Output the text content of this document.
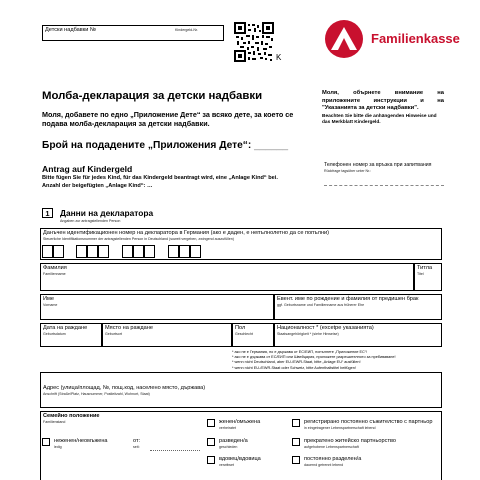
Детски надбавки №	Kindergeld-Nr.
K
Familienkasse
Молба-декларация за детски надбавки
Моля, добавете по едно „Приложение Дете“ за всяко дете, за което се подава молба-декларация за детски надбавки.
Брой на подадените „Приложения Дете“: ______
Antrag auf Kindergeld
Bitte fügen Sie für jedes Kind, für das Kindergeld beantragt wird, eine „Anlage Kind“ bei.
Anzahl der beigefügten „Anlage Kind“: …
Моля, обърнете внимание на приложените инструкции и на "Указанията за детски надбавки".
Beachten Sie bitte die anhängenden Hinweise und das Merkblatt Kindergeld.
Телефонен номер за връзка при запитвания
Rückfrage tagsüber unter Nr.:
1	Данни на декларатора
Angaben zur antragstellenden Person
Данъчен идентификационен номер на декларатора в Германия (ако е даден, е непълнолетно да се попълни)
Steuerliche Identifikationsnummer der antragstellenden Person in Deutschland (soweit vergeben, zwingend auszufüllen)
Фамилия
Familienname
Титла
Titel
Име
Vorname
Евент. име по рождение и фамилия от предишен брак
ggf. Geburtsname und Familienname aus früherer Ehe
Дата на раждане
Geburtsdatum
Място на раждане
Geburtsort
Пол
Geschlecht
Националност * (еxcetре указанията)
Staatsangehörigkeit * (siehe Hinweise)
* ако не е Германия, но е държава от ЕС/ЕИП, попълнете „Приложение ЕС“!
* ако не е държава от ЕС/ЕИП или Швейцария, приложете разрешителното за пребиваване!
* wenn nicht Deutschland, aber EU-/EWR-Staat, bitte „Anlage EU“ ausfüllen!
* wenn nicht EU-/EWR-Staat oder Schweiz, bitte Aufenthaltstitel beifügen!
Адрес (улица/площад, №, пощ.код, населено място, държава)
Anschrift (Straße/Platz, Hausnummer, Postleitzahl, Wohnort, Staat)
Семейно положение
Familienstand
неженен/неомъжена
ledig
от:
seit:
женен/омъжена
verheiratet
разведен/а
geschieden
вдовец/вдовица
verwitwet
регистрирано постоянно съжителство с партньор
in eingetragener Lebenspartnerschaft lebend
прекратено житейско партньорство
aufgehobene Lebenspartnerschaft
постоянно разделен/а
dauernd getrennt lebend
